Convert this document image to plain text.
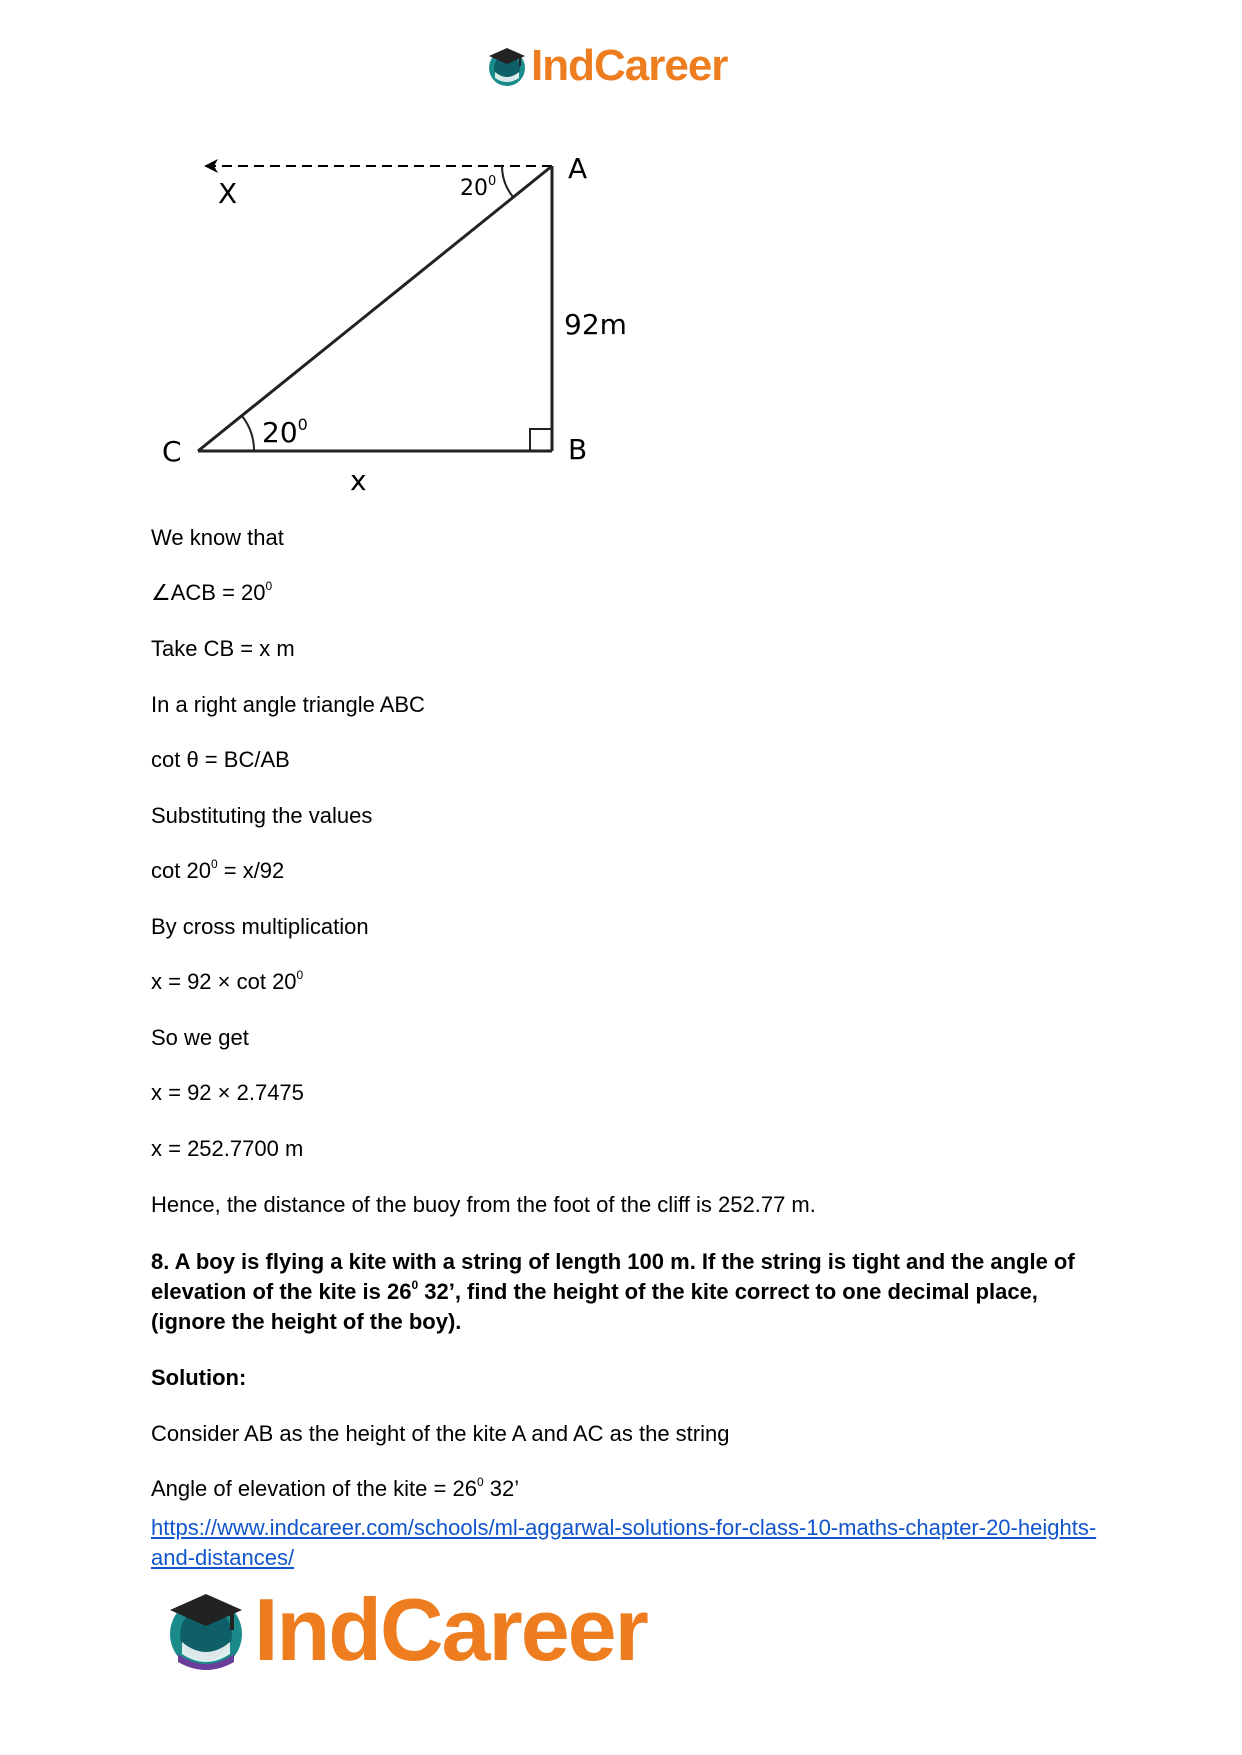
IndCareer
X
A
B
C
92m
x
$20^0$
$20^0$
We know that
∠ACB = $20^0$
Take CB = x m
In a right angle triangle ABC
cot θ = BC/AB
Substituting the values
$\cot 20^0 = x/92$
By cross multiplication
$x = 92 \times \cot 20^0$
So we get
x = 92 × 2.7475
x = 252.7700 m
Hence, the distance of the buoy from the foot of the cliff is 252.77 m.
8. A boy is flying a kite with a string of length 100 m. If the string is tight and the angle of elevation of the kite is $26^0$ 32’, find the height of the kite correct to one decimal place, (ignore the height of the boy).
Solution:
Consider AB as the height of the kite A and AC as the string
Angle of elevation of the kite = $26^0$ 32’
https://www.indcareer.com/schools/ml-aggarwal-solutions-for-class-10-maths-chapter-20-heights-and-distances/
IndCareer
